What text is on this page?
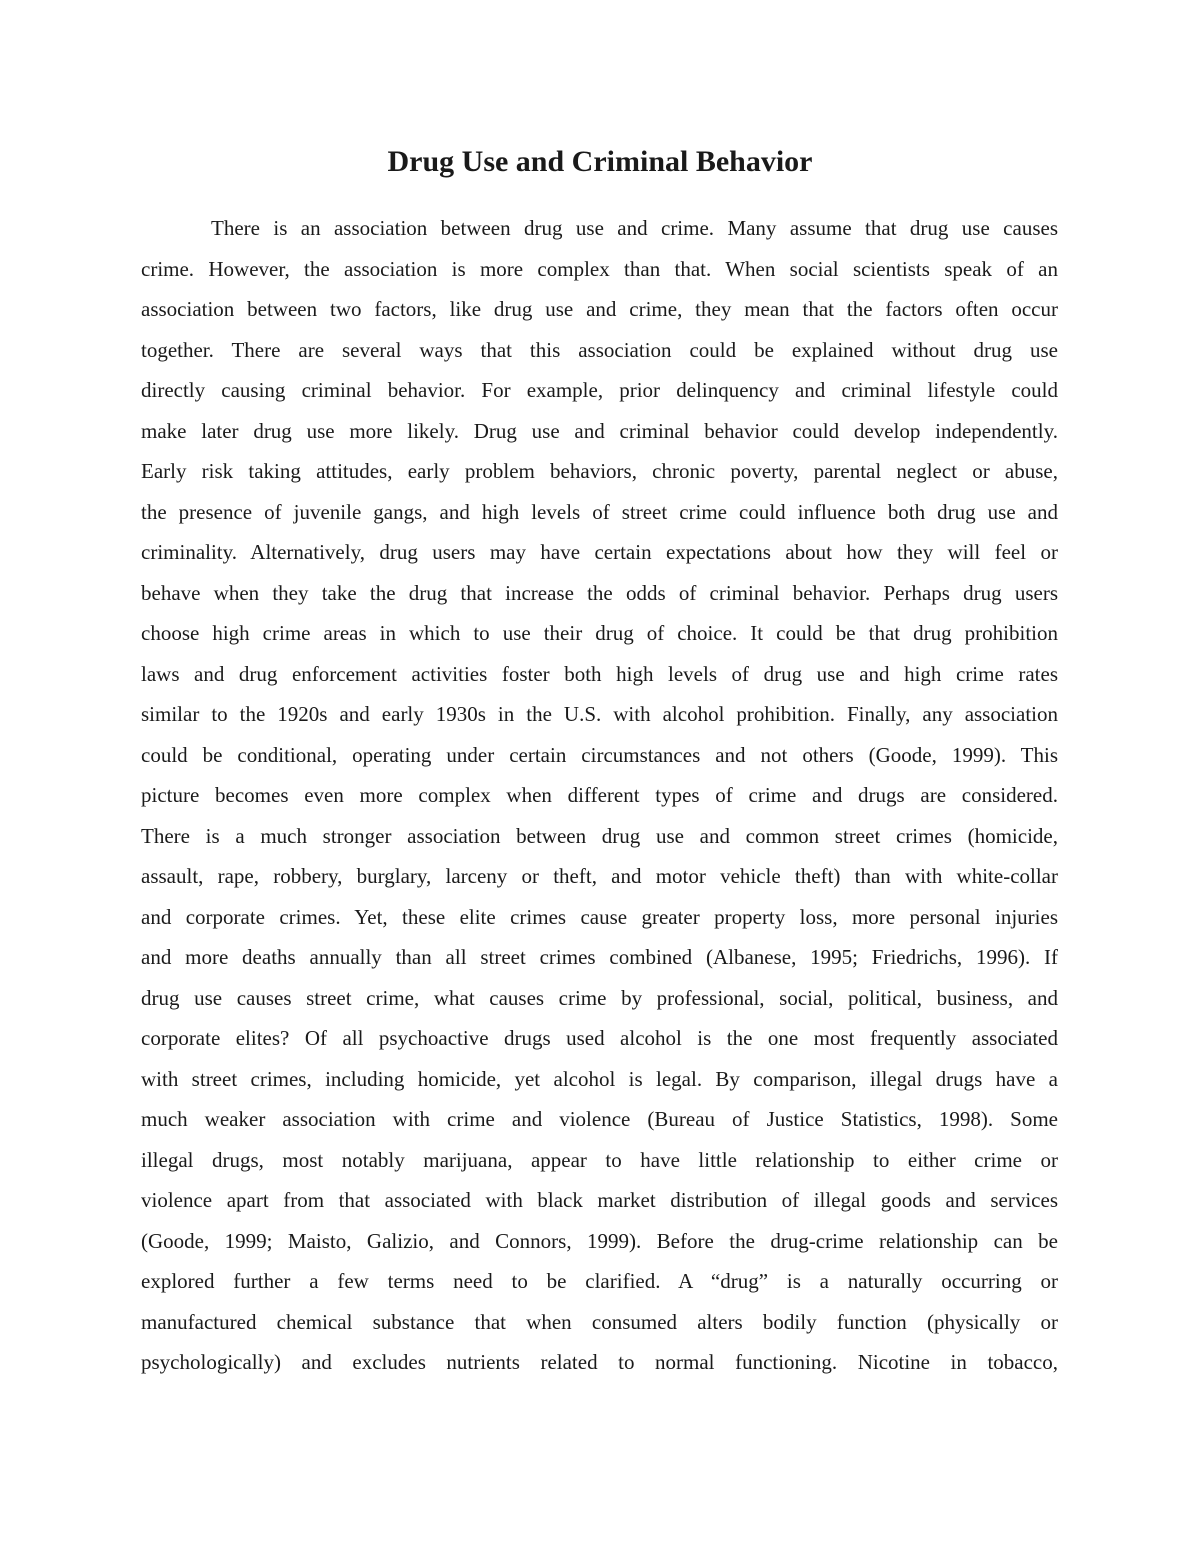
Drug Use and Criminal Behavior
There is an association between drug use and crime. Many assume that drug use causes
crime. However, the association is more complex than that. When social scientists speak of an
association between two factors, like drug use and crime, they mean that the factors often occur
together. There are several ways that this association could be explained without drug use
directly causing criminal behavior. For example, prior delinquency and criminal lifestyle could
make later drug use more likely. Drug use and criminal behavior could develop independently.
Early risk taking attitudes, early problem behaviors, chronic poverty, parental neglect or abuse,
the presence of juvenile gangs, and high levels of street crime could influence both drug use and
criminality. Alternatively, drug users may have certain expectations about how they will feel or
behave when they take the drug that increase the odds of criminal behavior. Perhaps drug users
choose high crime areas in which to use their drug of choice. It could be that drug prohibition
laws and drug enforcement activities foster both high levels of drug use and high crime rates
similar to the 1920s and early 1930s in the U.S. with alcohol prohibition. Finally, any association
could be conditional, operating under certain circumstances and not others (Goode, 1999). This
picture becomes even more complex when different types of crime and drugs are considered.
There is a much stronger association between drug use and common street crimes (homicide,
assault, rape, robbery, burglary, larceny or theft, and motor vehicle theft) than with white-collar
and corporate crimes. Yet, these elite crimes cause greater property loss, more personal injuries
and more deaths annually than all street crimes combined (Albanese, 1995; Friedrichs, 1996). If
drug use causes street crime, what causes crime by professional, social, political, business, and
corporate elites? Of all psychoactive drugs used alcohol is the one most frequently associated
with street crimes, including homicide, yet alcohol is legal. By comparison, illegal drugs have a
much weaker association with crime and violence (Bureau of Justice Statistics, 1998). Some
illegal drugs, most notably marijuana, appear to have little relationship to either crime or
violence apart from that associated with black market distribution of illegal goods and services
(Goode, 1999; Maisto, Galizio, and Connors, 1999). Before the drug-crime relationship can be
explored further a few terms need to be clarified. A “drug” is a naturally occurring or
manufactured chemical substance that when consumed alters bodily function (physically or
psychologically) and excludes nutrients related to normal functioning. Nicotine in tobacco,
